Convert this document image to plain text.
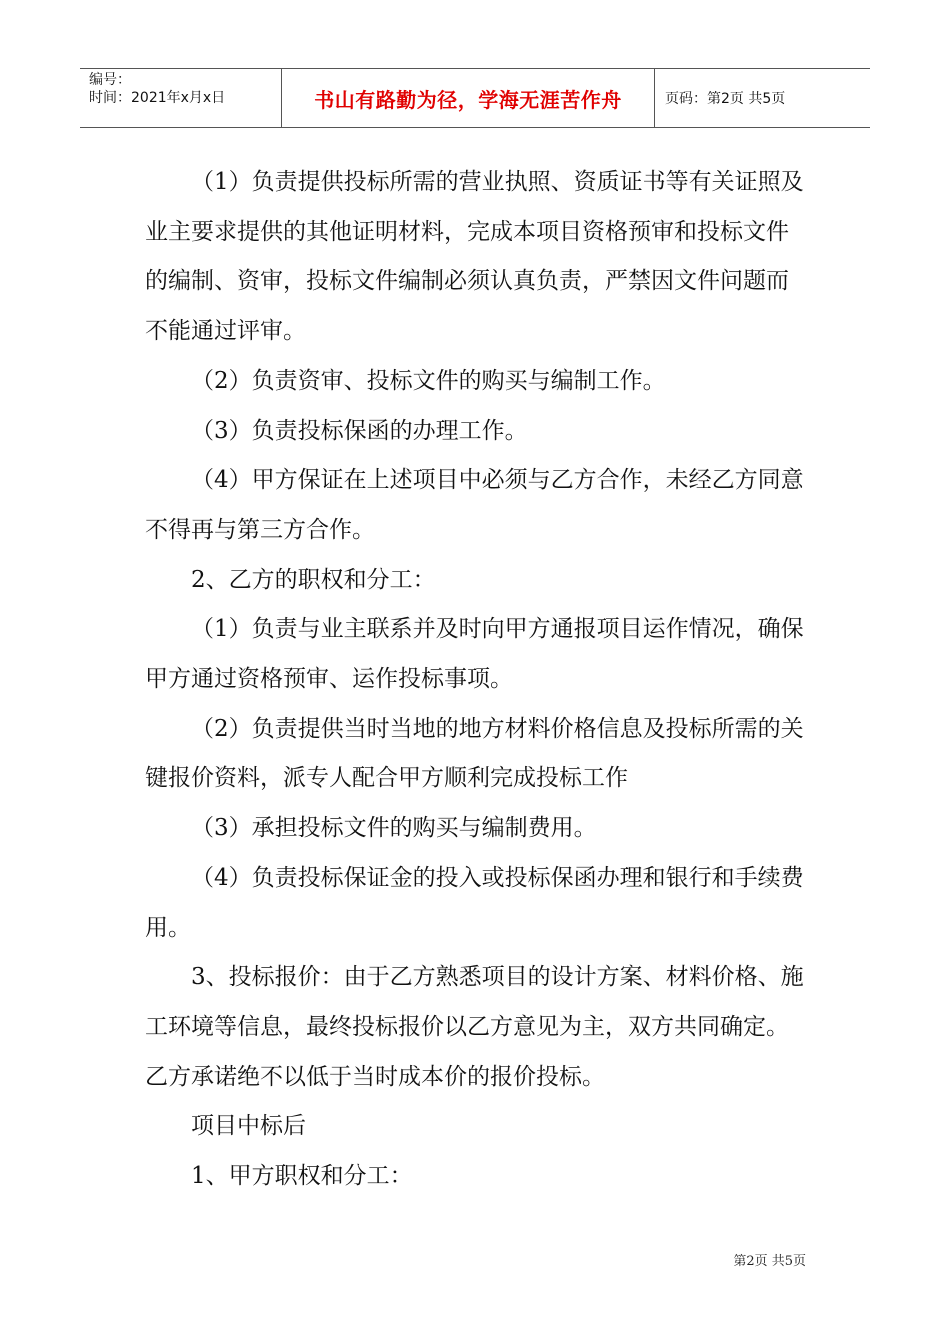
编号：
时间：2021年x月x日	书山有路勤为径，学海无涯苦作舟	页码：第2页 共5页

（1）负责提供投标所需的营业执照、资质证书等有关证照及业主要求提供的其他证明材料，完成本项目资格预审和投标文件的编制、资审，投标文件编制必须认真负责，严禁因文件问题而不能通过评审。

（2）负责资审、投标文件的购买与编制工作。

（3）负责投标保函的办理工作。

（4）甲方保证在上述项目中必须与乙方合作，未经乙方同意不得再与第三方合作。

2、乙方的职权和分工：

（1）负责与业主联系并及时向甲方通报项目运作情况，确保甲方通过资格预审、运作投标事项。

（2）负责提供当时当地的地方材料价格信息及投标所需的关键报价资料，派专人配合甲方顺利完成投标工作

（3）承担投标文件的购买与编制费用。

（4）负责投标保证金的投入或投标保函办理和银行和手续费用。

3、投标报价：由于乙方熟悉项目的设计方案、材料价格、施工环境等信息，最终投标报价以乙方意见为主，双方共同确定。乙方承诺绝不以低于当时成本价的报价投标。

项目中标后

1、甲方职权和分工：

第2页 共5页
